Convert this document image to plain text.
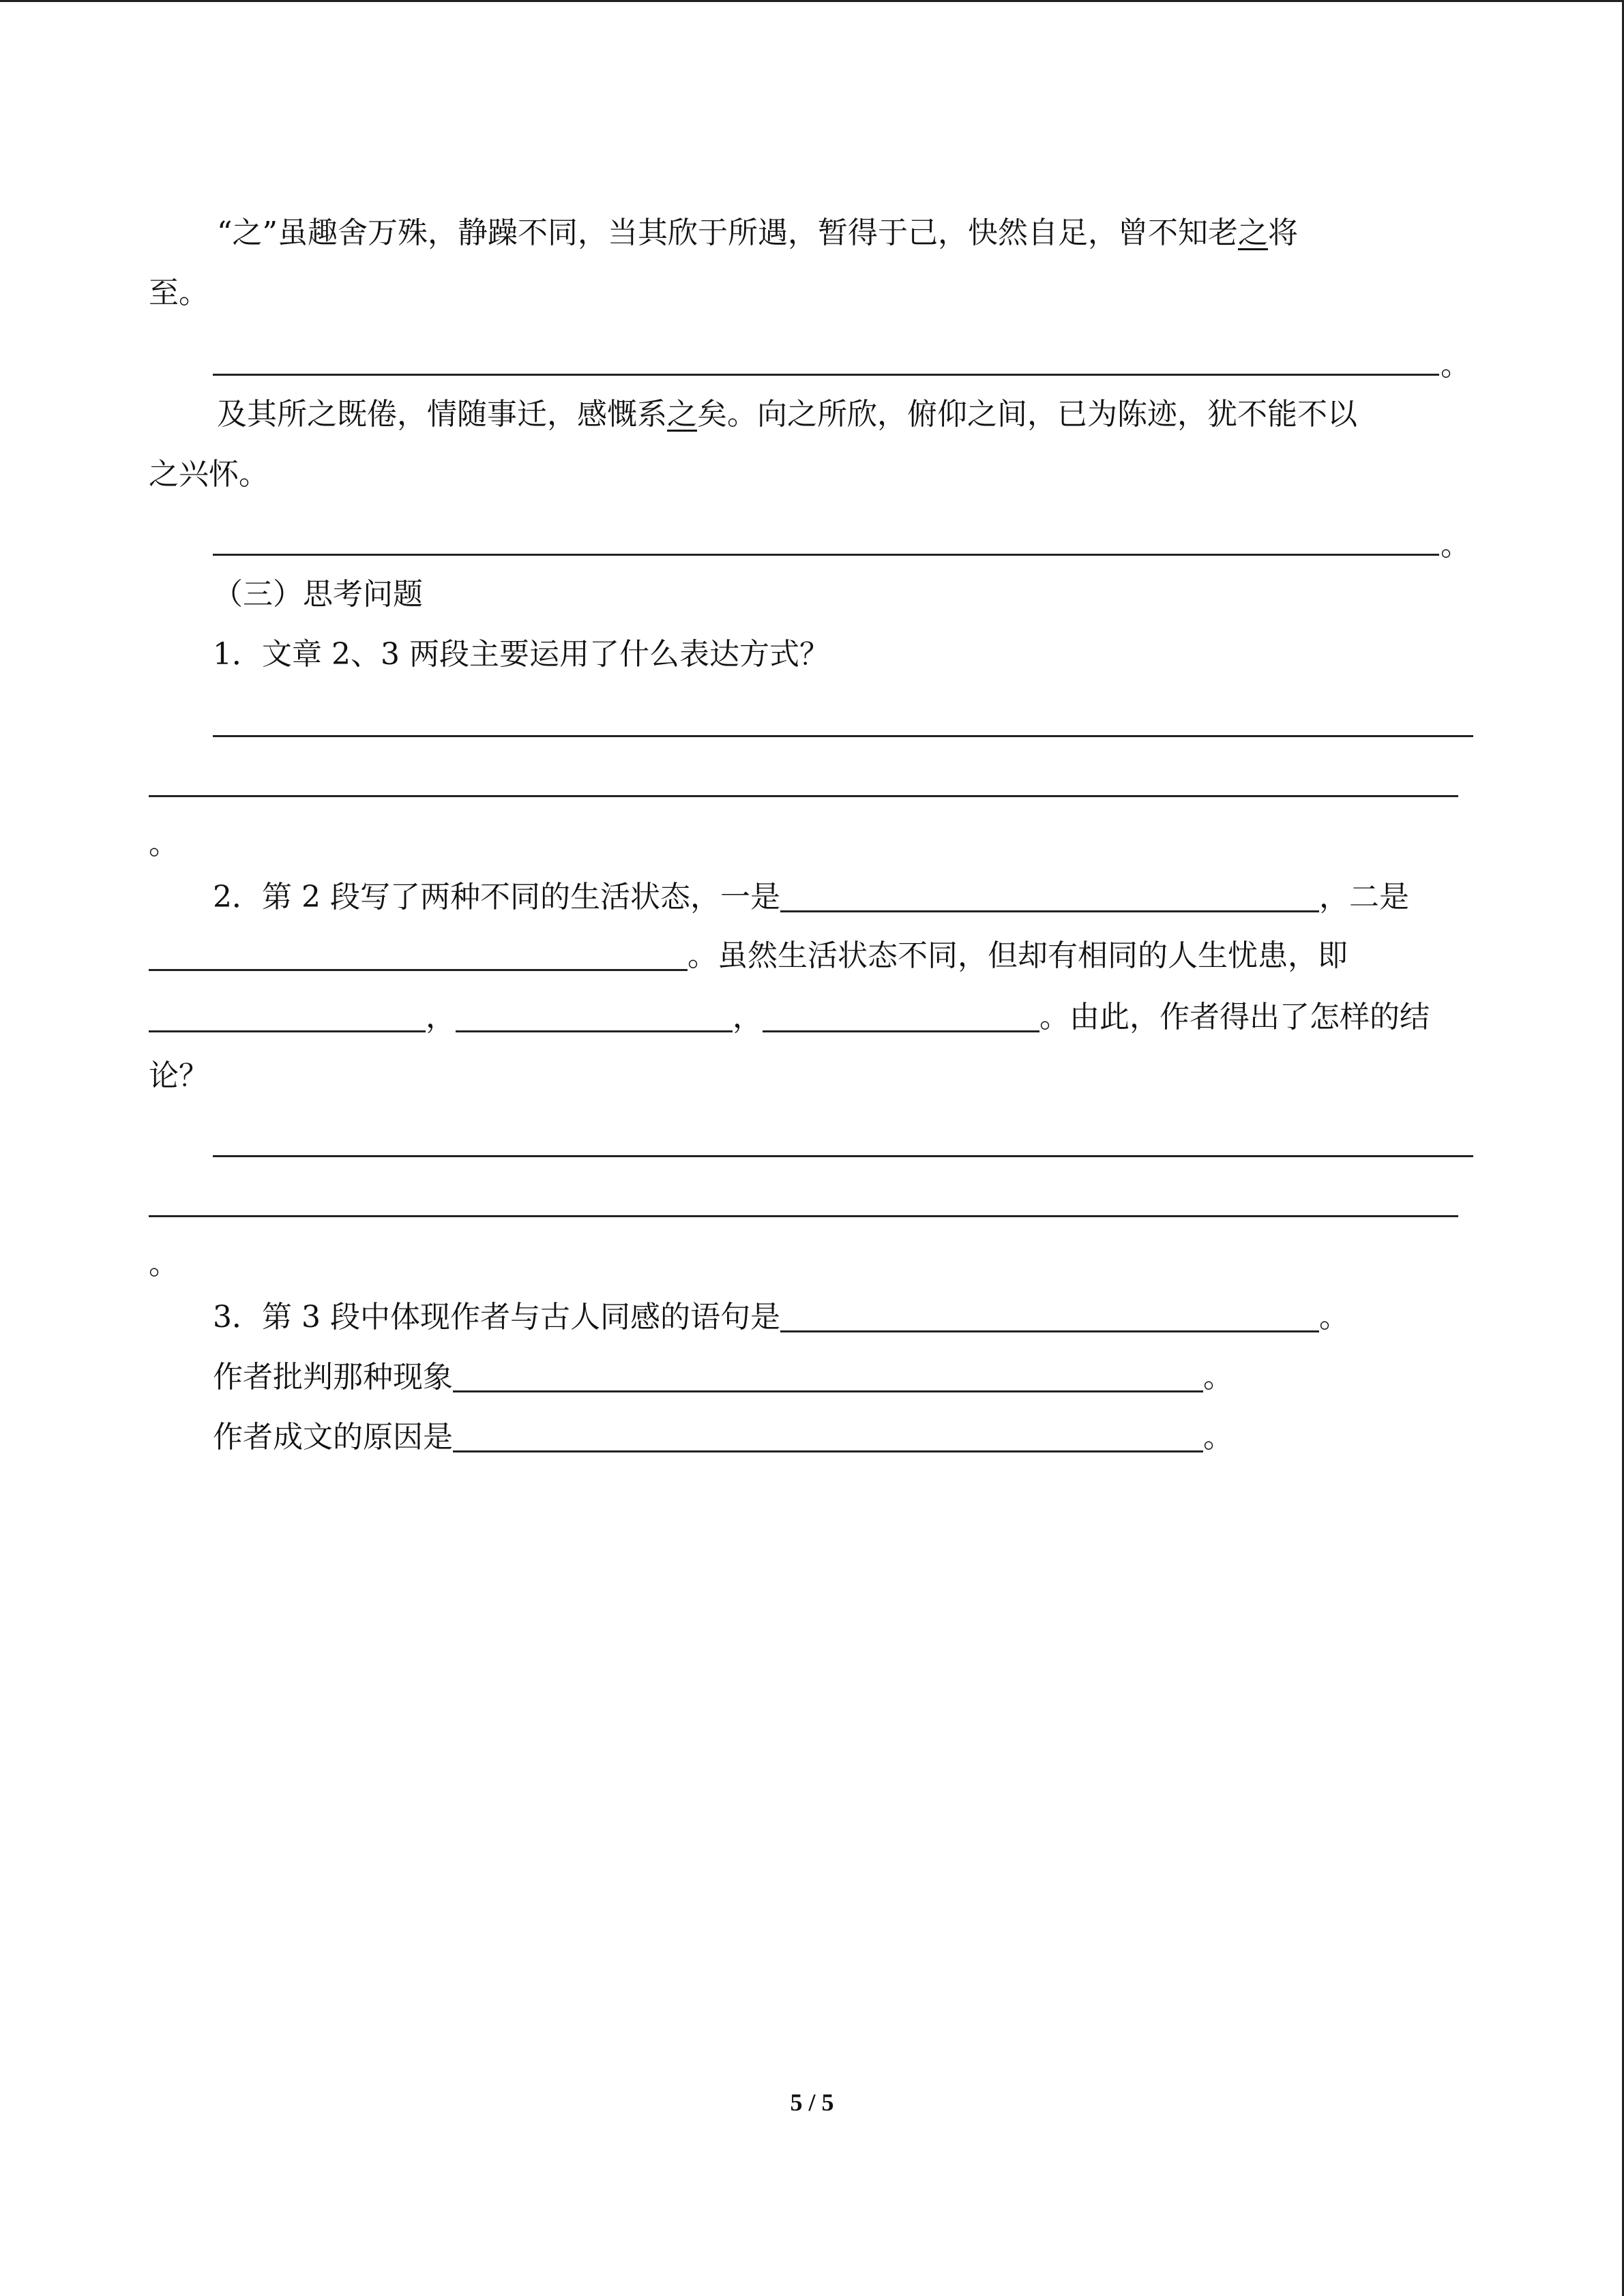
“之”虽趣舍万殊，静躁不同，当其欣于所遇，暂得于己，快然自足，曾不知老之将
至。
。
及其所之既倦，情随事迁，感慨系之矣。向之所欣，俯仰之间，已为陈迹，犹不能不以
之兴怀。
。
（三）思考问题
1．文章 2、3 两段主要运用了什么表达方式？
。
2．第 2 段写了两种不同的生活状态，一是	，二是
。虽然生活状态不同，但却有相同的人生忧患，即
，	，	。由此，作者得出了怎样的结
论？
。
3．第 3 段中体现作者与古人同感的语句是	。
作者批判那种现象	。
作者成文的原因是	。
5 / 5
